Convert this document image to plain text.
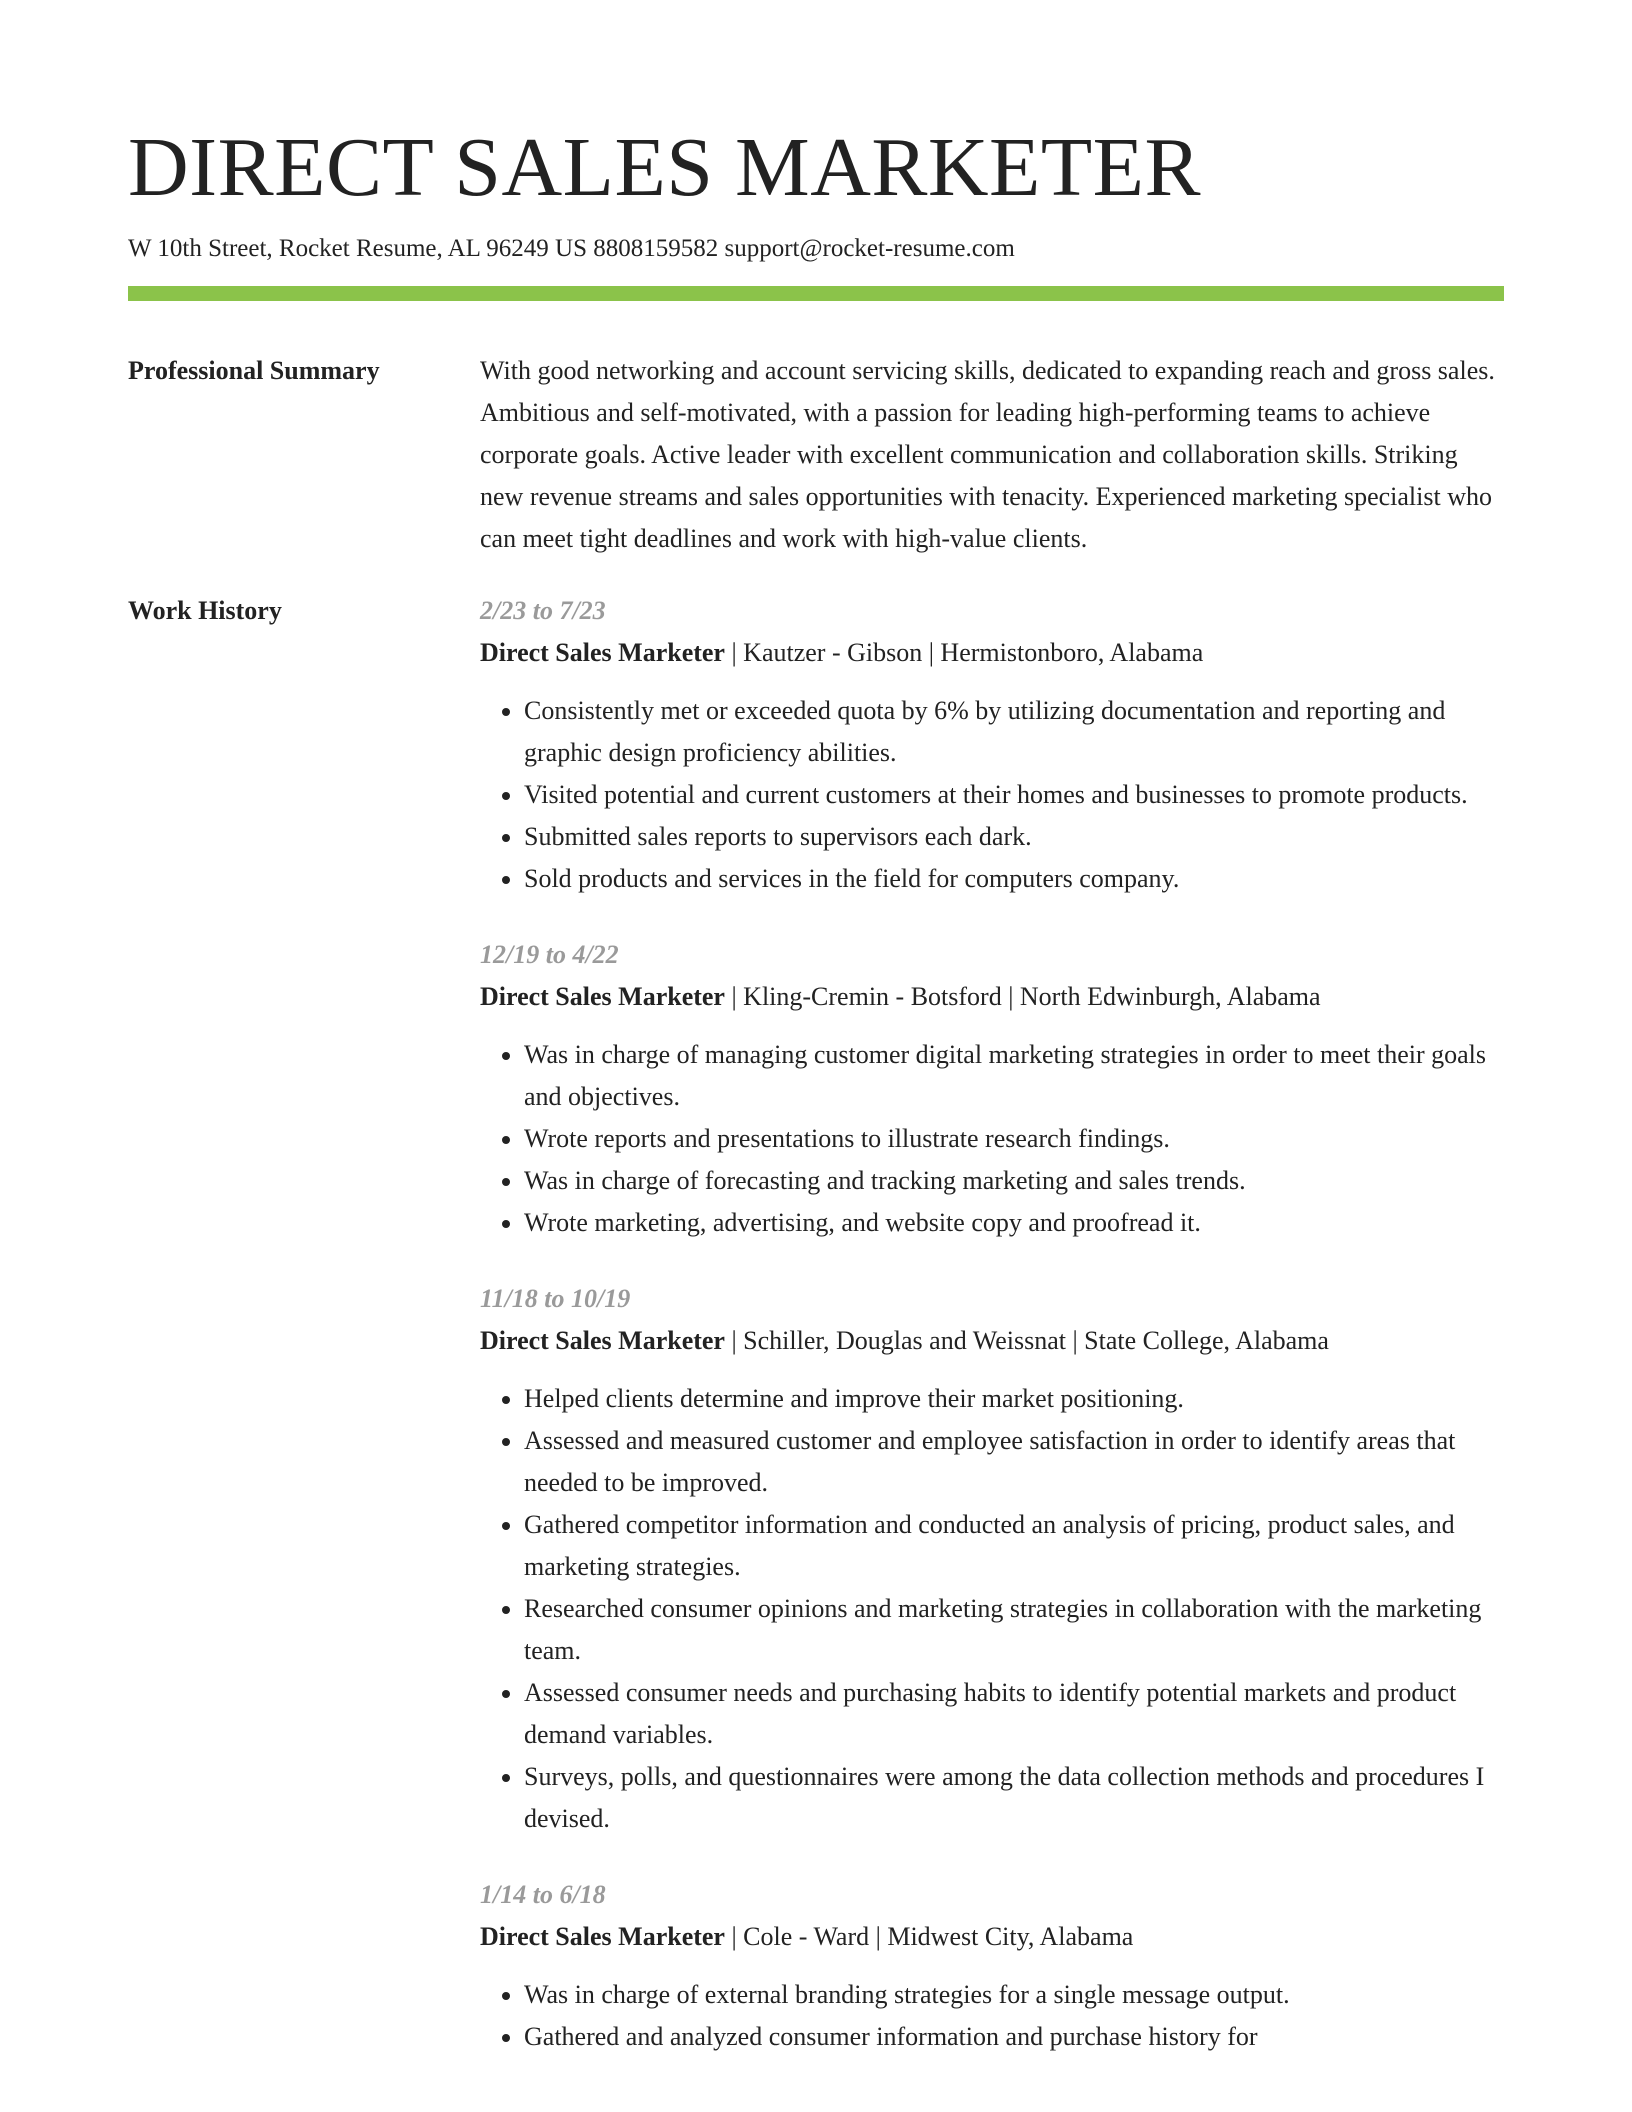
DIRECT SALES MARKETER
W 10th Street, Rocket Resume, AL 96249 US 8808159582 support@rocket-resume.com
Professional Summary	With good networking and account servicing skills, dedicated to expanding reach and gross sales. Ambitious and self-motivated, with a passion for leading high-performing teams to achieve corporate goals. Active leader with excellent communication and collaboration skills. Striking new revenue streams and sales opportunities with tenacity. Experienced marketing specialist who can meet tight deadlines and work with high-value clients.

Work History	2/23 to 7/23
Direct Sales Marketer | Kautzer - Gibson | Hermistonboro, Alabama
• Consistently met or exceeded quota by 6% by utilizing documentation and reporting and graphic design proficiency abilities.
• Visited potential and current customers at their homes and businesses to promote products.
• Submitted sales reports to supervisors each dark.
• Sold products and services in the field for computers company.
12/19 to 4/22
Direct Sales Marketer | Kling-Cremin - Botsford | North Edwinburgh, Alabama
• Was in charge of managing customer digital marketing strategies in order to meet their goals and objectives.
• Wrote reports and presentations to illustrate research findings.
• Was in charge of forecasting and tracking marketing and sales trends.
• Wrote marketing, advertising, and website copy and proofread it.
11/18 to 10/19
Direct Sales Marketer | Schiller, Douglas and Weissnat | State College, Alabama
• Helped clients determine and improve their market positioning.
• Assessed and measured customer and employee satisfaction in order to identify areas that needed to be improved.
• Gathered competitor information and conducted an analysis of pricing, product sales, and marketing strategies.
• Researched consumer opinions and marketing strategies in collaboration with the marketing team.
• Assessed consumer needs and purchasing habits to identify potential markets and product demand variables.
• Surveys, polls, and questionnaires were among the data collection methods and procedures I devised.
1/14 to 6/18
Direct Sales Marketer | Cole - Ward | Midwest City, Alabama
• Was in charge of external branding strategies for a single message output.
• Gathered and analyzed consumer information and purchase history for
